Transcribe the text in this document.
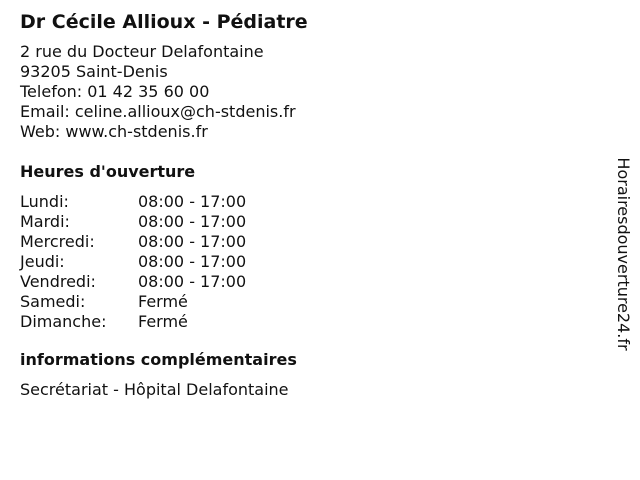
Dr Cécile Allioux - Pédiatre
2 rue du Docteur Delafontaine
93205 Saint-Denis
Telefon: 01 42 35 60 00
Email: celine.allioux@ch-stdenis.fr
Web: www.ch-stdenis.fr
Heures d'ouverture
Lundi:	08:00 - 17:00
Mardi:	08:00 - 17:00
Mercredi:	08:00 - 17:00
Jeudi:	08:00 - 17:00
Vendredi:	08:00 - 17:00
Samedi:	Fermé
Dimanche:	Fermé
informations complémentaires
Secrétariat - Hôpital Delafontaine
Horairesdouverture24.fr
